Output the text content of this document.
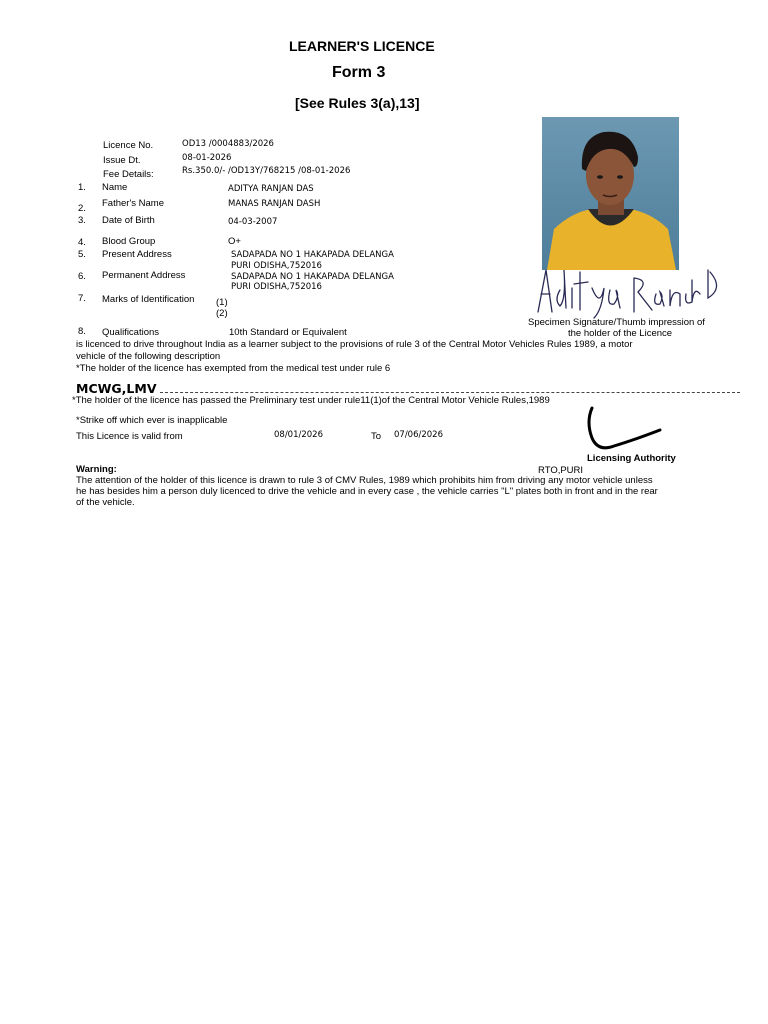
LEARNER'S LICENCE
Form 3
[See Rules 3(a),13]
Licence No.	OD13 /0004883/2026
Issue Dt.	08-01-2026
Fee Details:	Rs.350.0/- /OD13Y/768215 /08-01-2026
1. Name	ADITYA RANJAN DAS
2. Father's Name	MANAS RANJAN DASH
3. Date of Birth	04-03-2007
4. Blood Group	O+
5. Present Address	SADAPADA NO 1 HAKAPADA DELANGA
PURI ODISHA,752016
6. Permanent Address	SADAPADA NO 1 HAKAPADA DELANGA
PURI ODISHA,752016
7. Marks of Identification (1)
(2)
8. Qualifications	10th Standard or Equivalent
Specimen Signature/Thumb impression of
the holder of the Licence
is licenced to drive throughout India as a learner subject to the provisions of rule 3 of the Central Motor Vehicles Rules 1989, a motor
vehicle of the following description
*The holder of the licence has exempted from the medical test under rule 6
MCWG,LMV
*The holder of the licence has passed the Preliminary test under rule11(1)of the Central Motor Vehicle Rules,1989
*Strike off which ever is inapplicable
This Licence is valid from	08/01/2026	To 07/06/2026
Licensing Authority
RTO,PURI
Warning:
The attention of the holder of this licence is drawn to rule 3 of CMV Rules, 1989 which prohibits him from driving any motor vehicle unless
he has besides him a person duly licenced to drive the vehicle and in every case , the vehicle carries "L" plates both in front and in the rear
of the vehicle.
